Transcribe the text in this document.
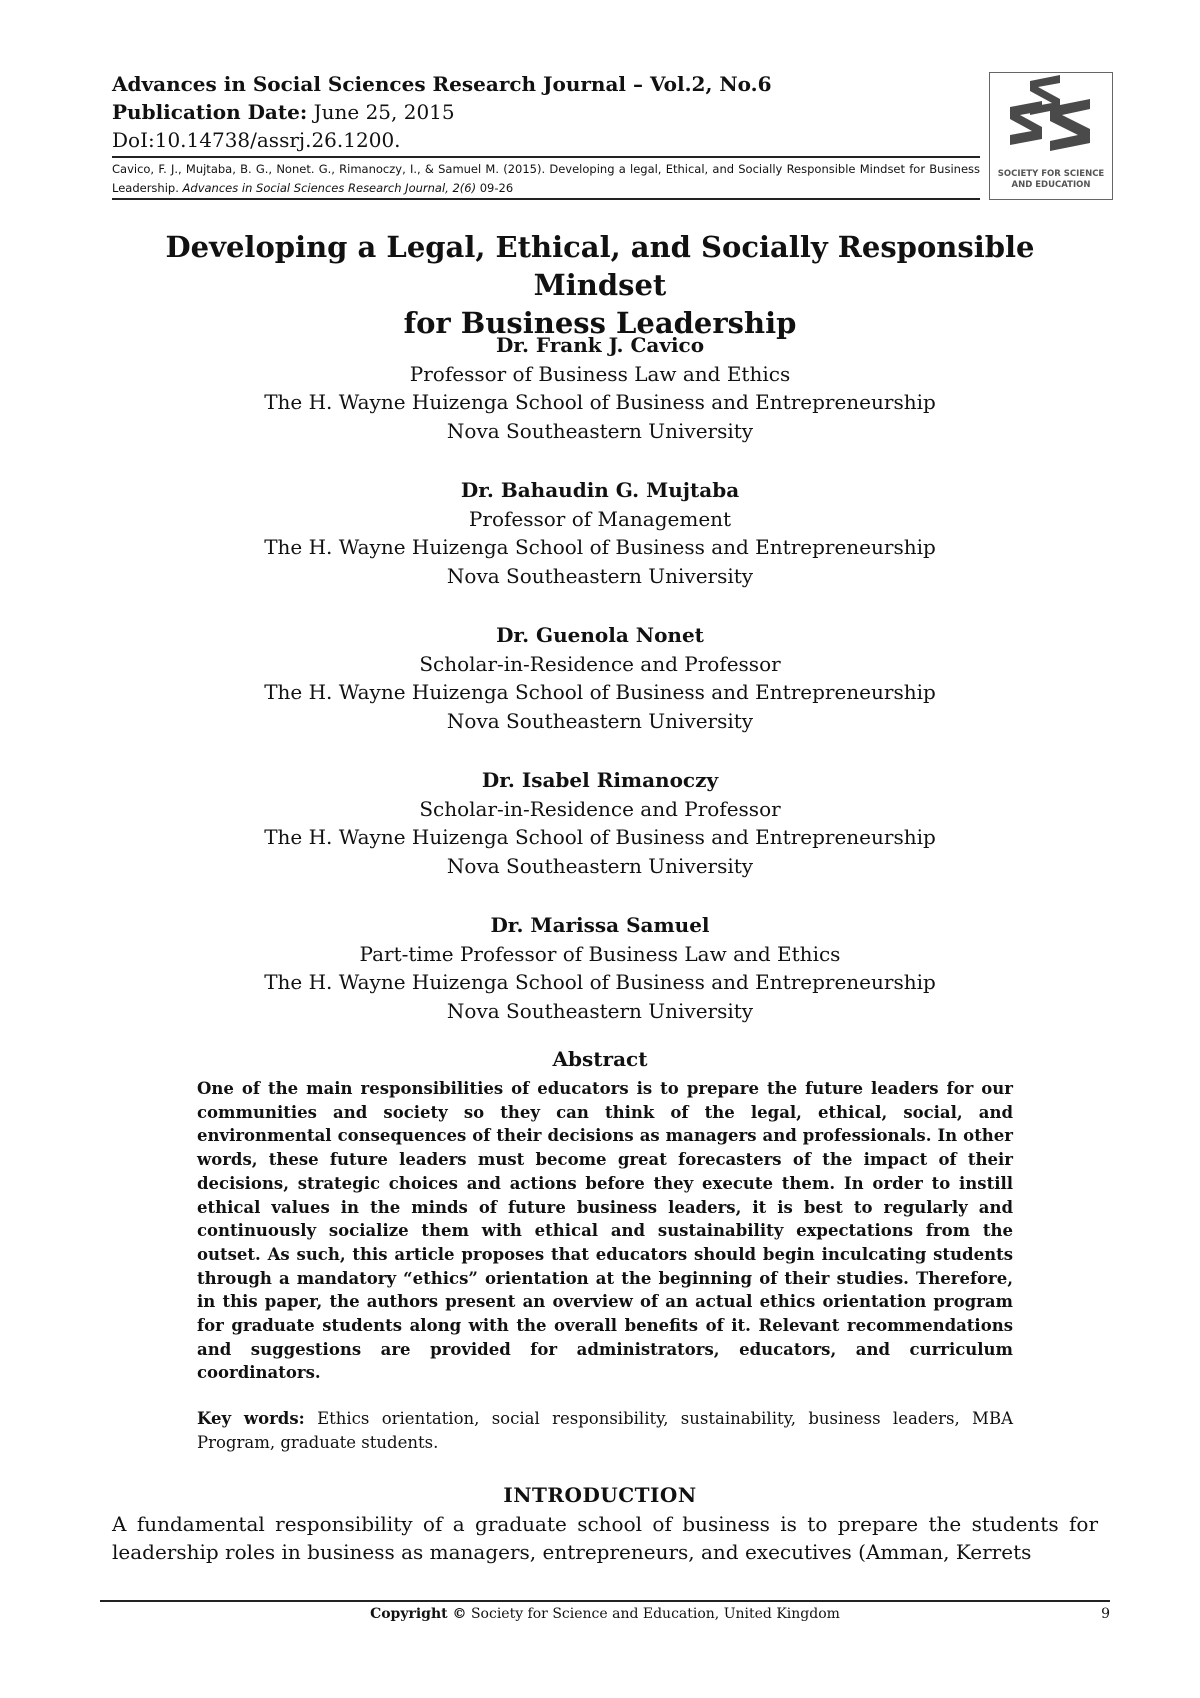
Advances in Social Sciences Research Journal – Vol.2, No.6
Publication Date: June 25, 2015
DoI:10.14738/assrj.26.1200.
Cavico, F. J., Mujtaba, B. G., Nonet. G., Rimanoczy, I., & Samuel M. (2015). Developing a legal, Ethical, and Socially Responsible Mindset for Business Leadership. Advances in Social Sciences Research Journal, 2(6) 09-26
SOCIETY FOR SCIENCE
AND EDUCATION
Developing a Legal, Ethical, and Socially Responsible Mindset
for Business Leadership
Dr. Frank J. Cavico
Professor of Business Law and Ethics
The H. Wayne Huizenga School of Business and Entrepreneurship
Nova Southeastern University
Dr. Bahaudin G. Mujtaba
Professor of Management
The H. Wayne Huizenga School of Business and Entrepreneurship
Nova Southeastern University
Dr. Guenola Nonet
Scholar-in-Residence and Professor
The H. Wayne Huizenga School of Business and Entrepreneurship
Nova Southeastern University
Dr. Isabel Rimanoczy
Scholar-in-Residence and Professor
The H. Wayne Huizenga School of Business and Entrepreneurship
Nova Southeastern University
Dr. Marissa Samuel
Part-time Professor of Business Law and Ethics
The H. Wayne Huizenga School of Business and Entrepreneurship
Nova Southeastern University
Abstract
One of the main responsibilities of educators is to prepare the future leaders for our communities and society so they can think of the legal, ethical, social, and environmental consequences of their decisions as managers and professionals. In other words, these future leaders must become great forecasters of the impact of their decisions, strategic choices and actions before they execute them. In order to instill ethical values in the minds of future business leaders, it is best to regularly and continuously socialize them with ethical and sustainability expectations from the outset. As such, this article proposes that educators should begin inculcating students through a mandatory “ethics” orientation at the beginning of their studies. Therefore, in this paper, the authors present an overview of an actual ethics orientation program for graduate students along with the overall benefits of it. Relevant recommendations and suggestions are provided for administrators, educators, and curriculum coordinators.
Key words: Ethics orientation, social responsibility, sustainability, business leaders, MBA Program, graduate students.
INTRODUCTION
A fundamental responsibility of a graduate school of business is to prepare the students for leadership roles in business as managers, entrepreneurs, and executives (Amman, Kerrets
Copyright © Society for Science and Education, United Kingdom	9
